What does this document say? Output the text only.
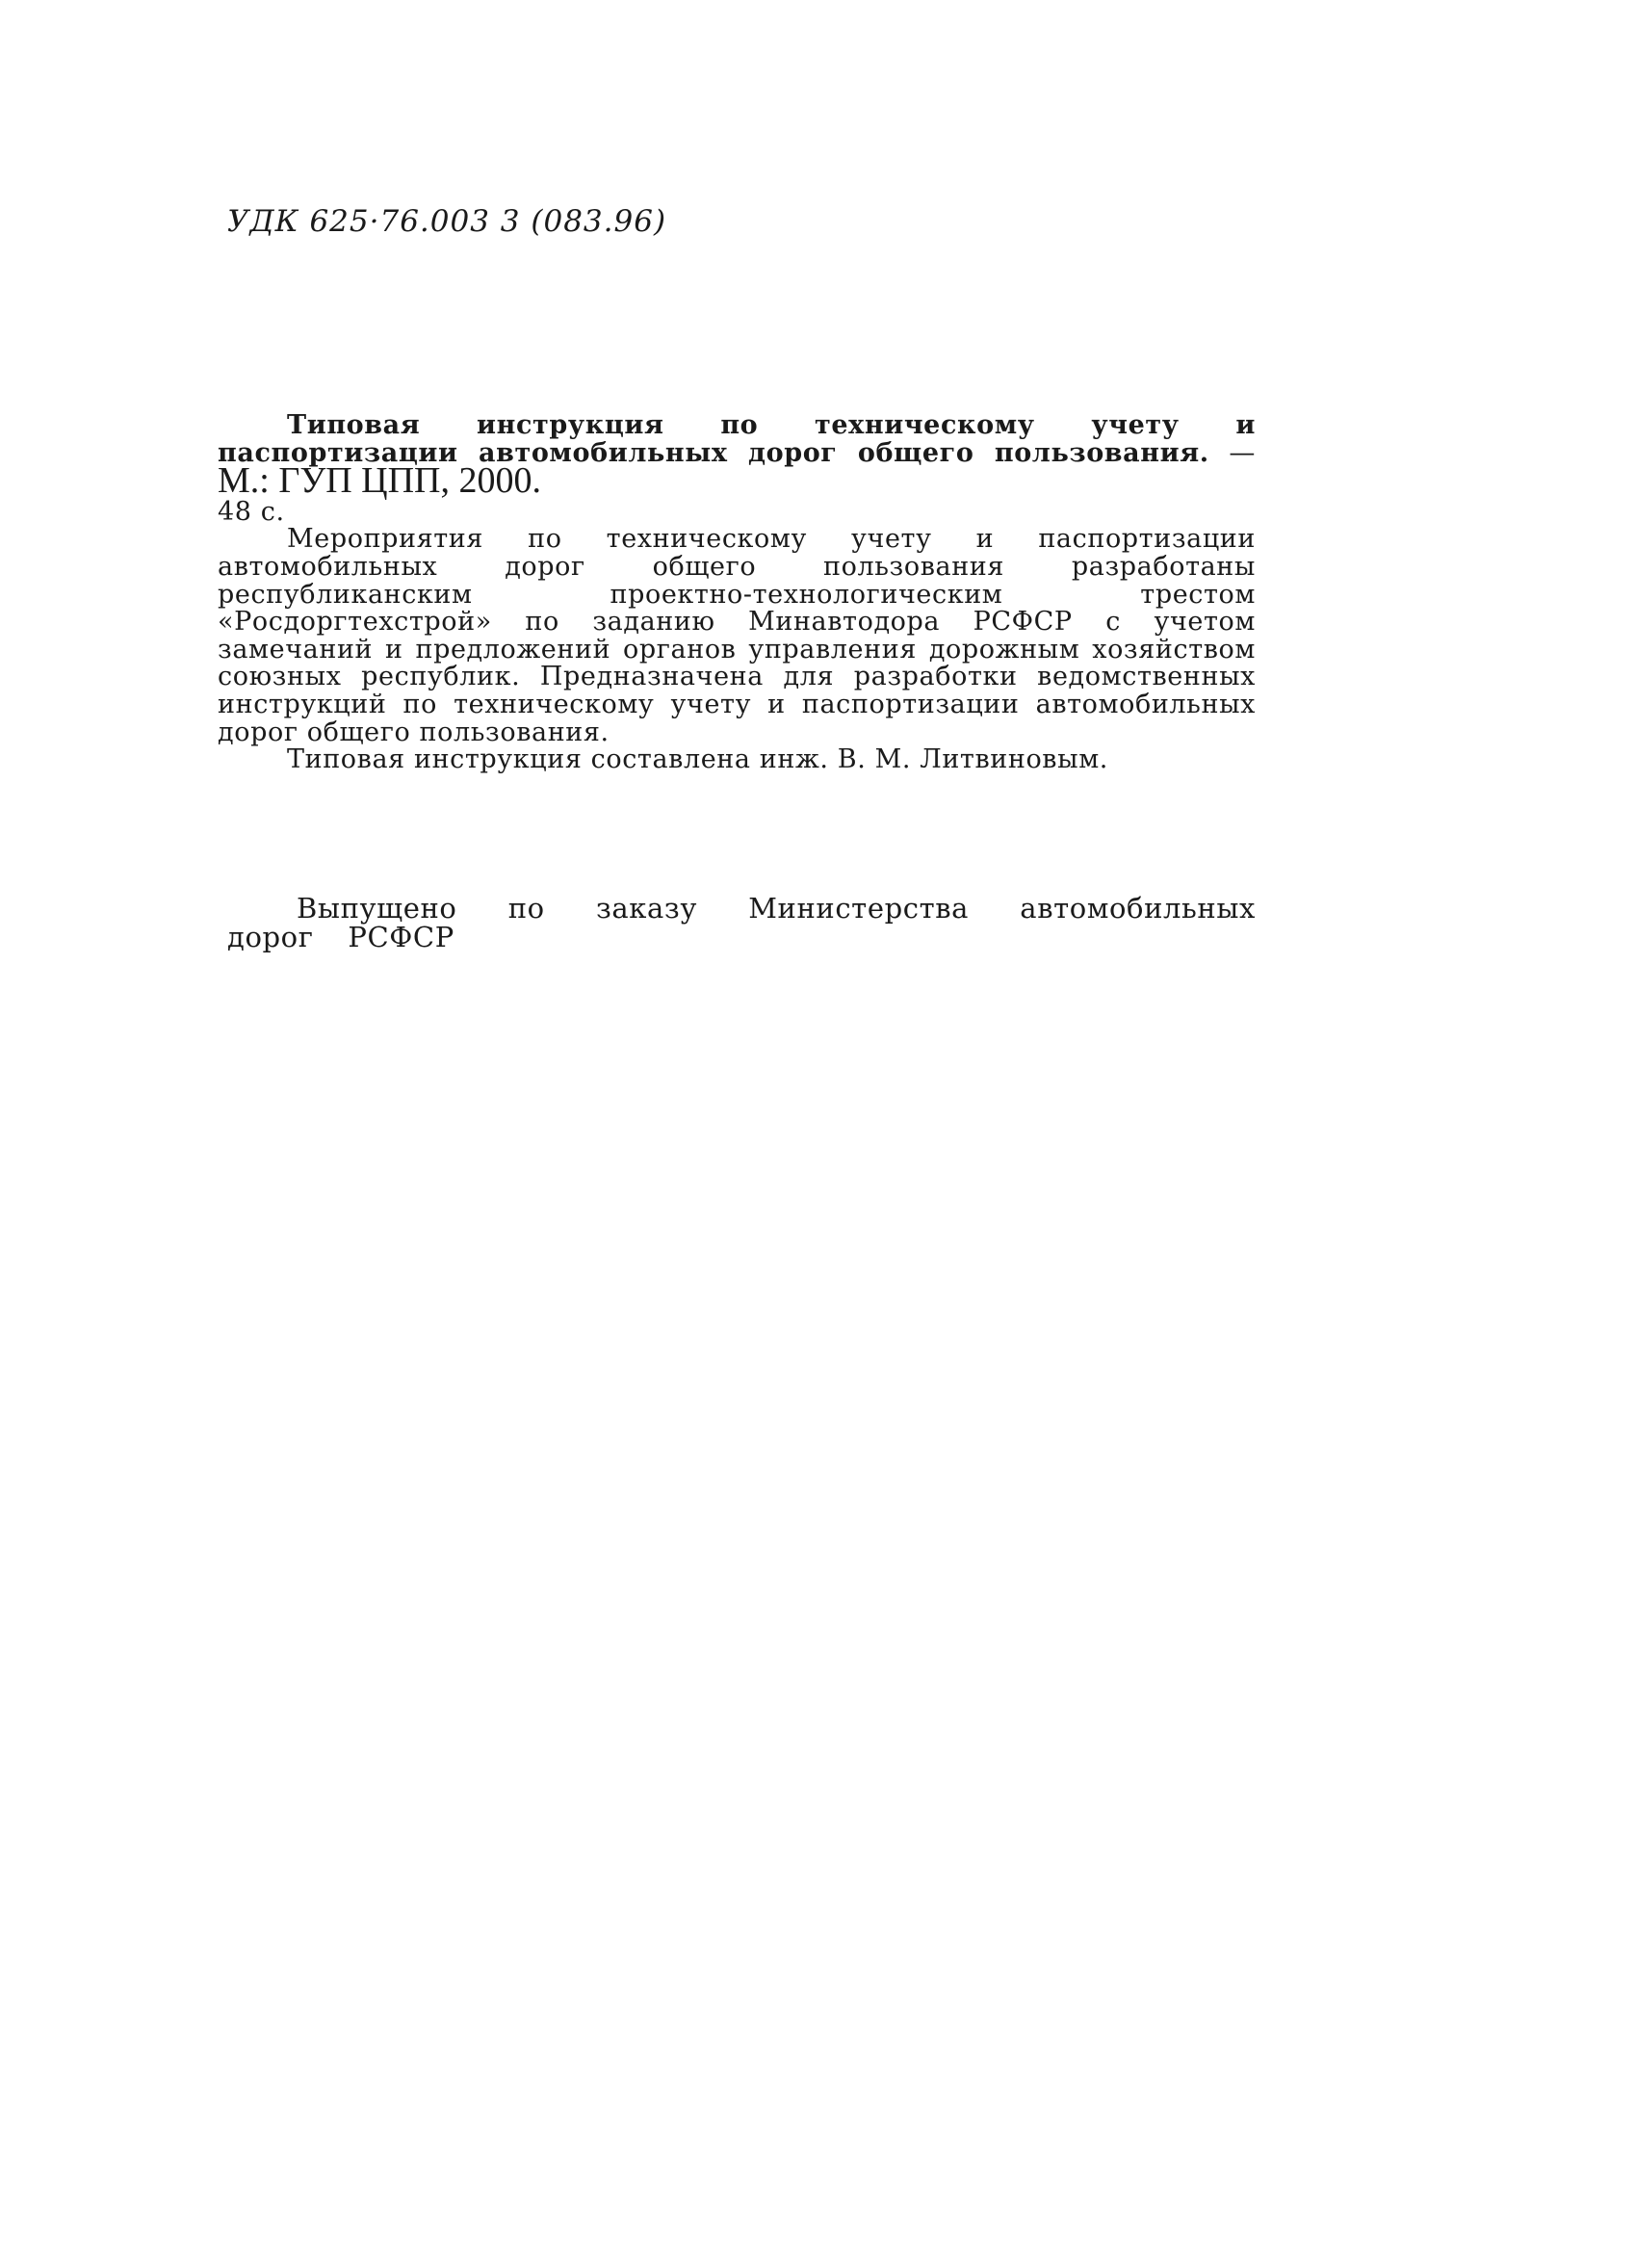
УДК 625·76.003 3 (083.96)

Типовая инструкция по техническому учету и паспортизации автомобильных дорог общего пользования. — М.: ГУП ЦПП, 2000.
48 с.

Мероприятия по техническому учету и паспортизации автомобильных дорог общего пользования разработаны республиканским проектно-технологическим трестом «Росдоргтехстрой» по заданию Минавтодора РСФСР с учетом замечаний и предложений органов управления дорожным хозяйством союзных республик. Предназначена для разработки ведомственных инструкций по техническому учету и паспортизации автомобильных дорог общего пользования.

Типовая инструкция составлена инж. В. М. Литвиновым.

Выпущено по заказу Министерства автомобильных дорог РСФСР
